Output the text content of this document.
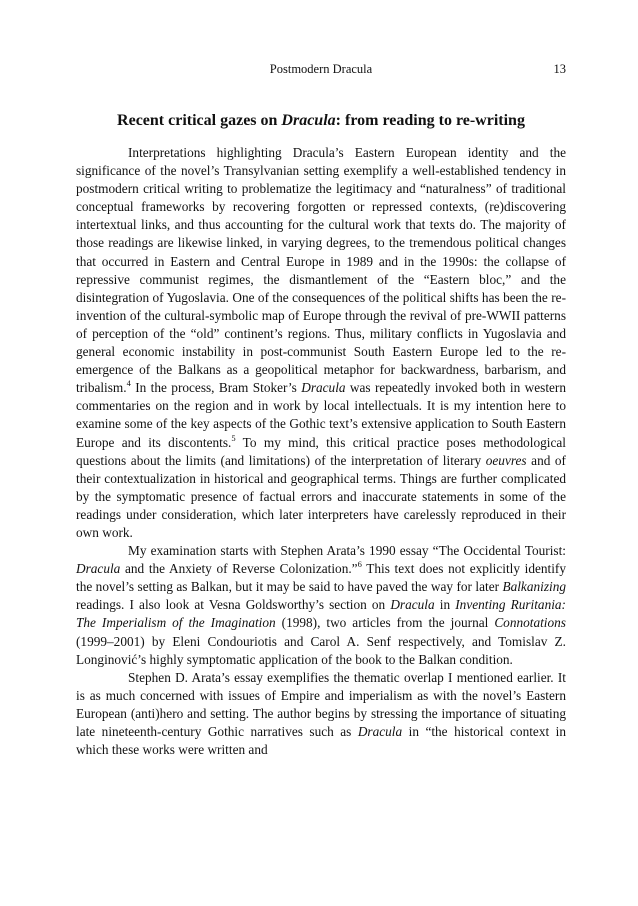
Postmodern Dracula	13
Recent critical gazes on Dracula: from reading to re-writing

Interpretations highlighting Dracula’s Eastern European identity and the significance of the novel’s Transylvanian setting exemplify a well-established tendency in postmodern critical writing to problematize the legitimacy and “naturalness” of traditional conceptual frameworks by recovering forgotten or repressed contexts, (re)discovering intertextual links, and thus accounting for the cultural work that texts do. The majority of those readings are likewise linked, in varying degrees, to the tremendous political changes that occurred in Eastern and Central Europe in 1989 and in the 1990s: the collapse of repressive communist regimes, the dismantlement of the “Eastern bloc,” and the disintegration of Yugoslavia. One of the consequences of the political shifts has been the re-invention of the cultural-symbolic map of Europe through the revival of pre-WWII patterns of perception of the “old” continent’s regions. Thus, military conflicts in Yugoslavia and general economic instability in post-communist South Eastern Europe led to the re-emergence of the Balkans as a geopolitical metaphor for backwardness, barbarism, and tribalism.$^4$ In the process, Bram Stoker’s Dracula was repeatedly invoked both in western commentaries on the region and in work by local intellectuals. It is my intention here to examine some of the key aspects of the Gothic text’s extensive application to South Eastern Europe and its discontents.$^5$ To my mind, this critical practice poses methodological questions about the limits (and limitations) of the interpretation of literary oeuvres and of their contextualization in historical and geographical terms. Things are further complicated by the symptomatic presence of factual errors and inaccurate statements in some of the readings under consideration, which later interpreters have carelessly reproduced in their own work.

My examination starts with Stephen Arata’s 1990 essay “The Occidental Tourist: Dracula and the Anxiety of Reverse Colonization.”$^6$ This text does not explicitly identify the novel’s setting as Balkan, but it may be said to have paved the way for later Balkanizing readings. I also look at Vesna Goldsworthy’s section on Dracula in Inventing Ruritania: The Imperialism of the Imagination (1998), two articles from the journal Connotations (1999–2001) by Eleni Condouriotis and Carol A. Senf respectively, and Tomislav Z. Longinović’s highly symptomatic application of the book to the Balkan condition.

Stephen D. Arata’s essay exemplifies the thematic overlap I mentioned earlier. It is as much concerned with issues of Empire and imperialism as with the novel’s Eastern European (anti)hero and setting. The author begins by stressing the importance of situating late nineteenth-century Gothic narratives such as Dracula in “the historical context in which these works were written and
